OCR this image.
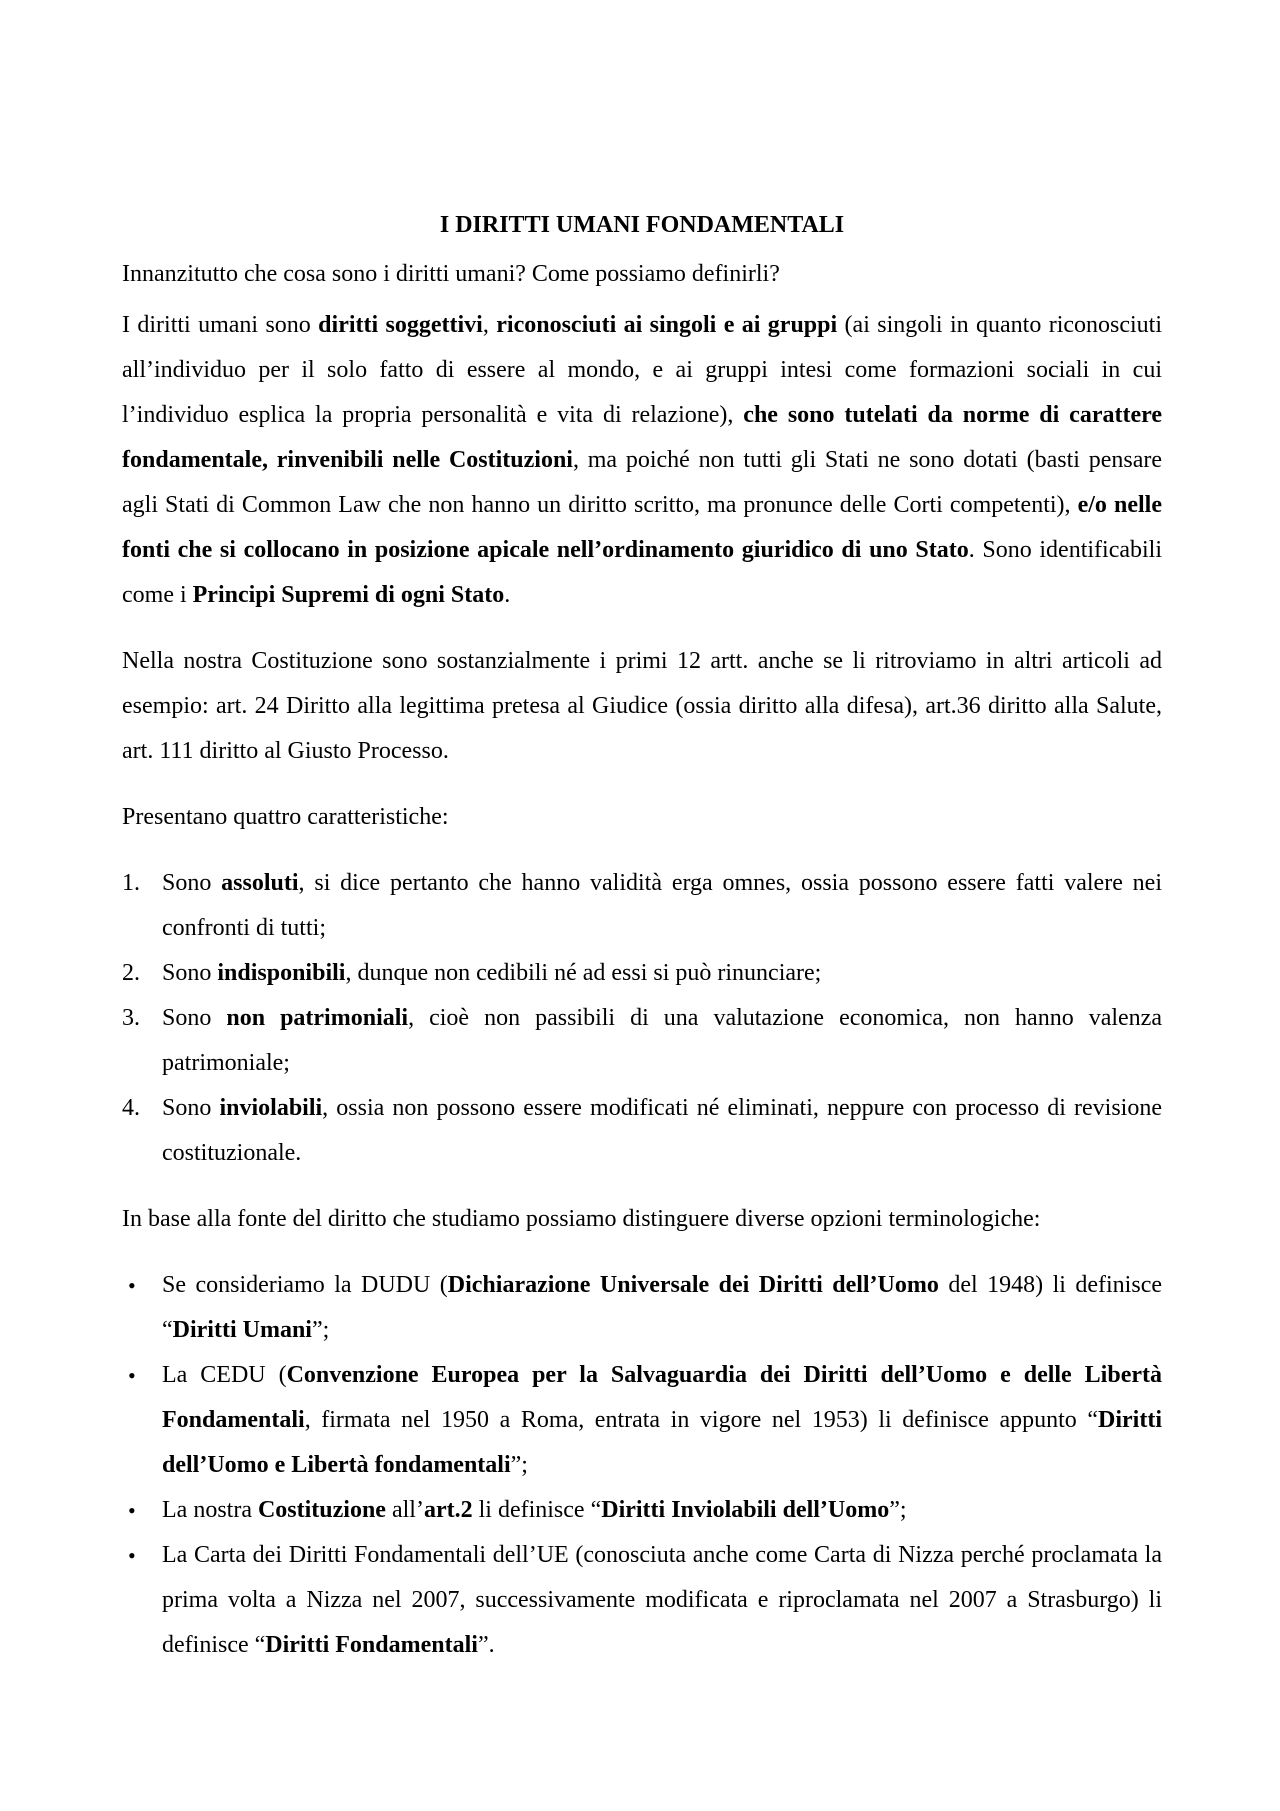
I DIRITTI UMANI FONDAMENTALI

Innanzitutto che cosa sono i diritti umani? Come possiamo definirli?

I diritti umani sono diritti soggettivi, riconosciuti ai singoli e ai gruppi (ai singoli in quanto riconosciuti all’individuo per il solo fatto di essere al mondo, e ai gruppi intesi come formazioni sociali in cui l’individuo esplica la propria personalità e vita di relazione), che sono tutelati da norme di carattere fondamentale, rinvenibili nelle Costituzioni, ma poiché non tutti gli Stati ne sono dotati (basti pensare agli Stati di Common Law che non hanno un diritto scritto, ma pronunce delle Corti competenti), e/o nelle fonti che si collocano in posizione apicale nell’ordinamento giuridico di uno Stato. Sono identificabili come i Principi Supremi di ogni Stato.

Nella nostra Costituzione sono sostanzialmente i primi 12 artt. anche se li ritroviamo in altri articoli ad esempio: art. 24 Diritto alla legittima pretesa al Giudice (ossia diritto alla difesa), art.36 diritto alla Salute, art. 111 diritto al Giusto Processo.

Presentano quattro caratteristiche:

1. Sono assoluti, si dice pertanto che hanno validità erga omnes, ossia possono essere fatti valere nei confronti di tutti;
2. Sono indisponibili, dunque non cedibili né ad essi si può rinunciare;
3. Sono non patrimoniali, cioè non passibili di una valutazione economica, non hanno valenza patrimoniale;
4. Sono inviolabili, ossia non possono essere modificati né eliminati, neppure con processo di revisione costituzionale.

In base alla fonte del diritto che studiamo possiamo distinguere diverse opzioni terminologiche:

•	Se consideriamo la DUDU (Dichiarazione Universale dei Diritti dell’Uomo del 1948) li definisce “Diritti Umani”;
•	La CEDU (Convenzione Europea per la Salvaguardia dei Diritti dell’Uomo e delle Libertà Fondamentali, firmata nel 1950 a Roma, entrata in vigore nel 1953) li definisce appunto “Diritti dell’Uomo e Libertà fondamentali”;
•	La nostra Costituzione all’art.2 li definisce “Diritti Inviolabili dell’Uomo”;
•	La Carta dei Diritti Fondamentali dell’UE (conosciuta anche come Carta di Nizza perché proclamata la prima volta a Nizza nel 2007, successivamente modificata e riproclamata nel 2007 a Strasburgo) li definisce “Diritti Fondamentali”.
